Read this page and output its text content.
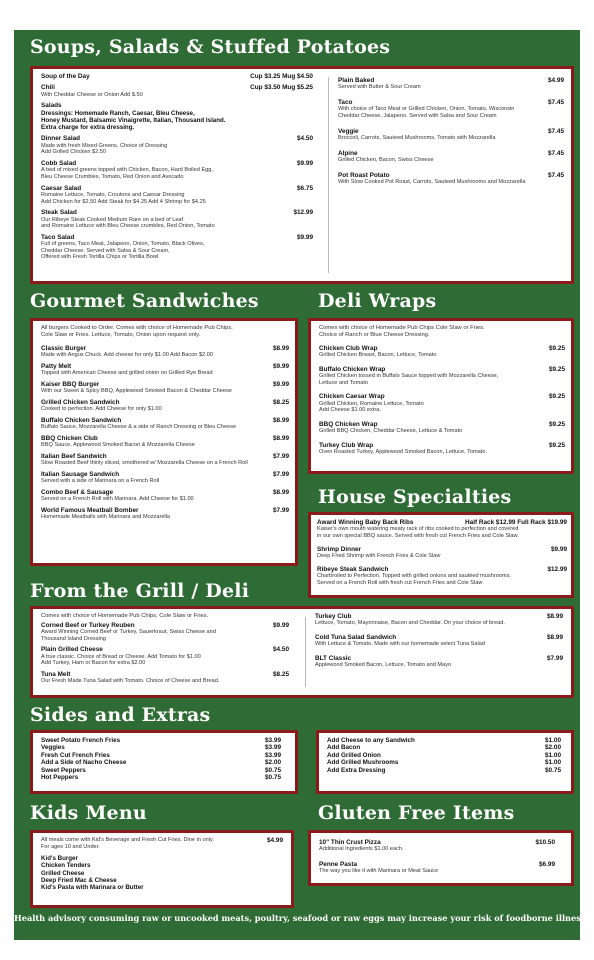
Soups, Salads & Stuffed Potatoes
Soup of the Day	Cup $3.25 Mug $4.50
Chili	Cup $3.50 Mug $5.25
With Cheddar Cheese or Onion Add $.50
Salads
Dressings: Homemade Ranch, Caesar, Bleu Cheese,
Honey Mustard, Balsamic Vinaigrette, Italian, Thousand Island.
Extra charge for extra dressing.
Dinner Salad	$4.50
Made with fresh Mixed Greens. Choice of Dressing
Add Grilled Chicken $2.50
Cobb Salad	$9.99
A bed of mixed greens topped with Chicken, Bacon, Hard Boiled Egg,
Bleu Cheese Crumbles, Tomato, Red Onion and Avocado
Caesar Salad	$6.75
Romaine Lettuce, Tomato, Croutons and Caesar Dressing
Add Chicken for $2.50 Add Steak for $4.25 Add 4 Shrimp for $4.25
Steak Salad	$12.99
Our Ribeye Steak Cooked Medium Rare on a bed of Leaf
and Romaine Lettuce with Bleu Cheese crumbles, Red Onion, Tomato
Taco Salad	$9.99
Full of greens, Taco Meat, Jalapeno, Onion, Tomato, Black Olives,
Cheddar Cheese. Served with Salsa & Sour Cream,
Offered with Fresh Tortilla Chips or Tortilla Bowl
Plain Baked	$4.99
Served with Butter & Sour Cream
Taco	$7.45
With choice of Taco Meat or Grilled Chicken, Onion, Tomato, Wisconsin
Cheddar Cheese, Jalapeno. Served with Salsa and Sour Cream
Veggie	$7.45
Broccoli, Carrots, Sauteed Mushrooms, Tomato with Mozzarella
Alpine	$7.45
Grilled Chicken, Bacon, Swiss Cheese
Pot Roast Potato	$7.45
With Slow Cooked Pot Roast, Carrots, Sauteed Mushrooms and Mozzarella
Gourmet Sandwiches
All burgers Cooked to Order. Comes with choice of Homemade Pub Chips,
Cole Slaw or Fries. Lettuce, Tomato, Onion upon request only.
Classic Burger	$8.99
Made with Angus Chuck. Add cheese for only $1.00 Add Bacon $2.00
Patty Melt	$9.99
Topped with American Cheese and grilled onion on Grilled Rye Bread
Kaiser BBQ Burger	$9.99
With our Sweet & Spicy BBQ, Applewood Smoked Bacon & Cheddar Cheese
Grilled Chicken Sandwich	$8.25
Cooked to perfection. Add Cheese for only $1.00
Buffalo Chicken Sandwich	$8.99
Buffalo Sauce, Mozzarella Cheese & a side of Ranch Dressing or Bleu Cheese
BBQ Chicken Club	$8.99
BBQ Sauce, Applewood Smoked Bacon & Mozzarella Cheese
Italian Beef Sandwich	$7.99
Slow Roasted Beef thinly sliced, smothered w/ Mozzarella Cheese on a French Roll
Italian Sausage Sandwich	$7.99
Served with a side of Marinara on a French Roll
Combo Beef & Sausage	$8.99
Served on a French Roll with Marinara. Add Cheese for $1.00
World Famous Meatball Bomber	$7.99
Homemade Meatballs with Marinara and Mozzarella
Deli Wraps
Comes with choice of Homemade Pub Chips Cole Slaw or Fries.
Choice of Ranch or Blue Cheese Dressing.
Chicken Club Wrap	$9.25
Grilled Chicken Breast, Bacon, Lettuce, Tomato
Buffalo Chicken Wrap	$9.25
Grilled Chicken tossed in Buffalo Sauce topped with Mozzarella Cheese,
Lettuce and Tomato
Chicken Caesar Wrap	$9.25
Grilled Chicken, Romaine Lettuce, Tomato
Add Cheese $1.00 extra.
BBQ Chicken Wrap	$9.25
Grilled BBQ Chicken, Cheddar Cheese, Lettuce & Tomato
Turkey Club Wrap	$9.25
Oven Roasted Turkey, Applewood Smoked Bacon, Lettuce, Tomato.
House Specialties
Award Winning Baby Back Ribs	Half Rack $12.99 Full Rack $19.99
Kaiser's own mouth watering meaty rack of ribs cooked to perfection and covered
in our own special BBQ sauce. Served with fresh cut French Fries and Cole Slaw.
Shrimp Dinner	$9.99
Deep Fried Shrimp with French Fries & Cole Slaw
Ribeye Steak Sandwich	$12.99
Charbroiled to Perfection. Topped with grilled onions and sautéed mushrooms.
Served on a French Roll with fresh cut French Fries and Cole Slaw
From the Grill / Deli
Comes with choice of Homemade Pub Chips, Cole Slaw or Fries.
Corned Beef or Turkey Reuben	$9.99
Award Winning Corned Beef or Turkey, Sauerkraut, Swiss Cheese and
Thousand Island Dressing
Plain Grilled Cheese	$4.50
A true classic. Choice of Bread or Cheese. Add Tomato for $1.00
Add Turkey, Ham or Bacon for extra $2.00
Tuna Melt	$8.25
Our Fresh Made Tuna Salad with Tomato. Choice of Cheese and Bread.
Turkey Club	$8.99
Lettuce, Tomato, Mayonnaise, Bacon and Cheddar. On your choice of bread.
Cold Tuna Salad Sandwich	$8.99
With Lettuce & Tomato. Made with our homemade select Tuna Salad
BLT Classic	$7.99
Applewood Smoked Bacon, Lettuce, Tomato and Mayo
Sides and Extras
Sweet Potato French Fries	$3.99
Veggies	$3.99
Fresh Cut French Fries	$3.99
Add a Side of Nacho Cheese	$2.00
Sweet Peppers	$0.75
Hot Peppers	$0.75
Add Cheese to any Sandwich	$1.00
Add Bacon	$2.00
Add Grilled Onion	$1.00
Add Grilled Mushrooms	$1.00
Add Extra Dressing	$0.75
Kids Menu
All meals come with Kid's Beverage and Fresh Cut Fries. Dine in only.
For ages 10 and Under.
$4.99
Kid's Burger
Chicken Tenders
Grilled Cheese
Deep Fried Mac & Cheese
Kid's Pasta with Marinara or Butter
Gluten Free Items
10" Thin Crust Pizza	$10.50
Additional Ingredients $1.00 each.
Penne Pasta	$6.99
The way you like it with Marinara or Meat Sauce
Health advisory consuming raw or uncooked meats, poultry, seafood or raw eggs may increase your risk of foodborne illness
